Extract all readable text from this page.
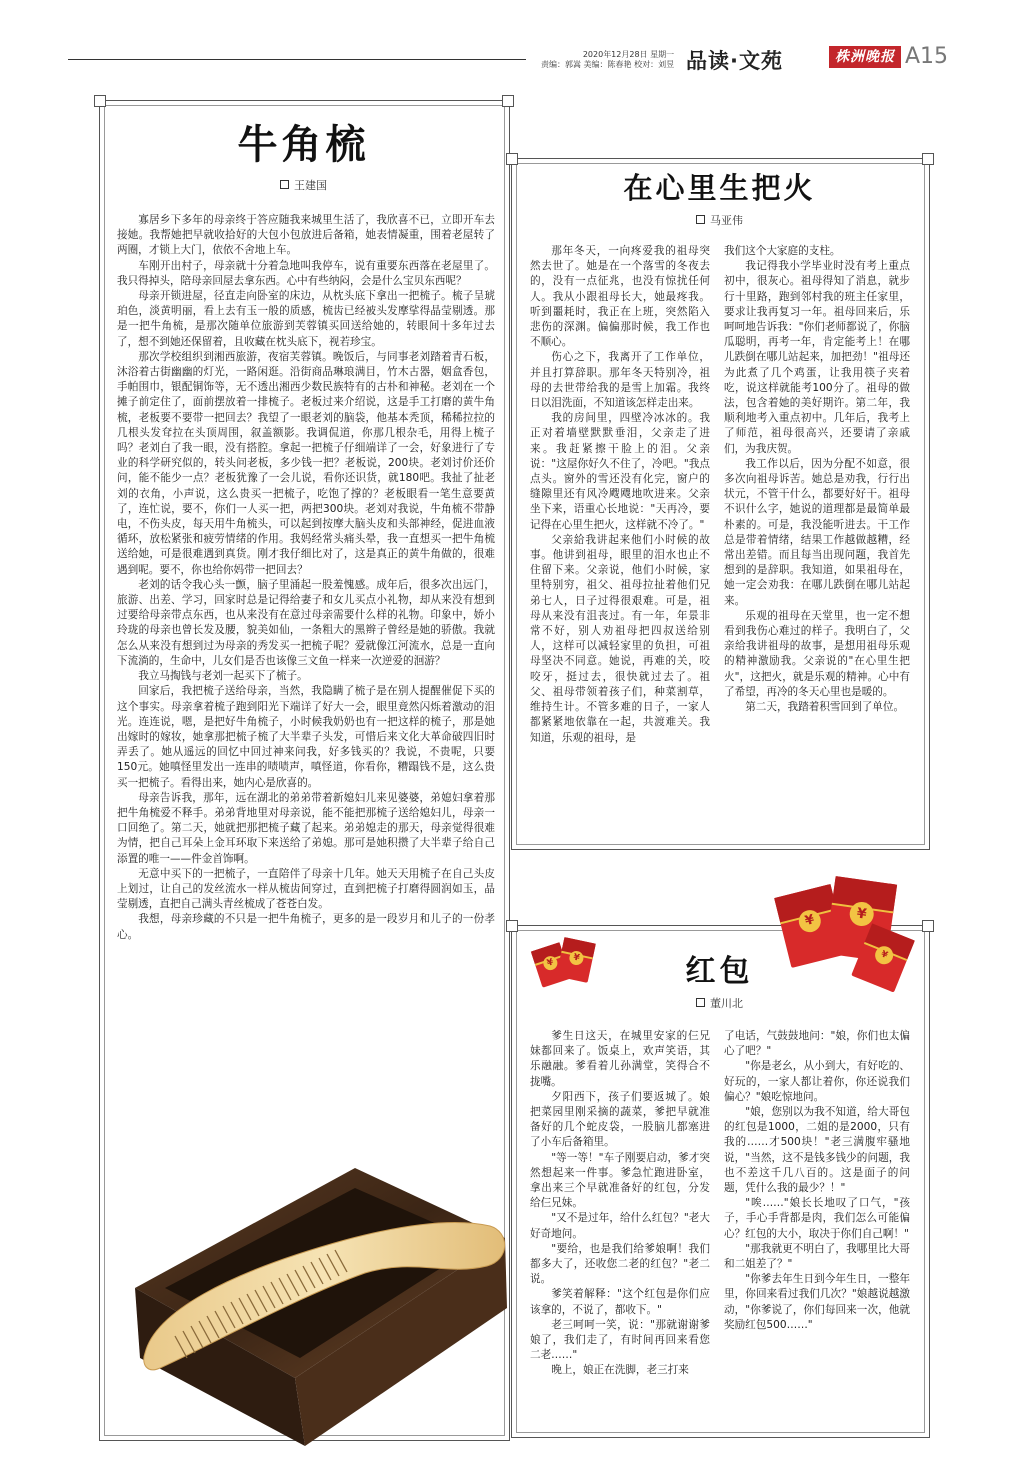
2020年12月28日 星期一
责编：郭嵩 美编：陈春艳 校对：刘昱 品读·文苑	株洲晚报 A15
牛角梳
王建国

寡居乡下多年的母亲终于答应随我来城里生活了，我欣喜不已，立即开车去接她。我帮她把早就收拾好的大包小包放进后备箱，她表情凝重，围着老屋转了两圈，才锁上大门，依依不舍地上车。

车刚开出村子，母亲就十分着急地叫我停车，说有重要东西落在老屋里了。我只得掉头，陪母亲回屋去拿东西。心中有些纳闷，会是什么宝贝东西呢？

母亲开锁进屋，径直走向卧室的床边，从枕头底下拿出一把梳子。梳子呈琥珀色，淡黄明丽，看上去有玉一般的质感，梳齿已经被头发摩挲得晶莹剔透。那是一把牛角梳，是那次随单位旅游到芙蓉镇买回送给她的，转眼间十多年过去了，想不到她还保留着，且收藏在枕头底下，视若珍宝。

那次学校组织到湘西旅游，夜宿芙蓉镇。晚饭后，与同事老刘踏着青石板，沐浴着古街幽幽的灯光，一路闲逛。沿街商品琳琅满目，竹木古器，姻盒香包，手帕围巾，银配铜饰等，无不透出湘西少数民族特有的古朴和神秘。老刘在一个摊子前定住了，面前摆放着一排梳子。老板过来介绍说，这是手工打磨的黄牛角梳，老板要不要带一把回去？我望了一眼老刘的脑袋，他基本秃顶，稀稀拉拉的几根头发耷拉在头顶周围，叙盖额影。我调侃道，你那几根杂毛，用得上梳子吗？老刘白了我一眼，没有搭腔。拿起一把梳子仔细端详了一会，好象进行了专业的科学研究似的，转头问老板，多少钱一把？老板说，200块。老刘讨价还价问，能不能少一点？老板犹豫了一会儿说，看你还识货，就180吧。我扯了扯老刘的衣角，小声说，这么贵买一把梳子，吃饱了撑的？老板眼看一笔生意要黄了，连忙说，要不，你们一人买一把，两把300块。老刘对我说，牛角梳不带静电，不伤头皮，每天用牛角梳头，可以起到按摩大脑头皮和头部神经，促进血液循环，放松紧张和疲劳情绪的作用。我妈经常头痛头晕，我一直想买一把牛角梳送给她，可是很难遇到真货。刚才我仔细比对了，这是真正的黄牛角做的，很难遇到呢。要不，你也给你妈带一把回去？

老刘的话令我心头一颤，脑子里涌起一股羞愧感。成年后，很多次出远门，旅游、出差、学习，回家时总是记得给妻子和女儿买点小礼物，却从来没有想到过要给母亲带点东西，也从来没有在意过母亲需要什么样的礼物。印象中，娇小玲珑的母亲也曾长发及腰，貌美如仙，一条粗大的黑辫子曾经是她的骄傲。我就怎么从来没有想到过为母亲的秀发买一把梳子呢？爱就像江河流水，总是一直向下流淌的，生命中，儿女们是否也该像三文鱼一样来一次逆爱的洄游？

我立马掏钱与老刘一起买下了梳子。

回家后，我把梳子送给母亲，当然，我隐瞒了梳子是在别人提醒催促下买的这个事实。母亲拿着梳子跑到阳光下端详了好大一会，眼里竟然闪烁着激动的泪光。连连说，嗯，是把好牛角梳子，小时候我奶奶也有一把这样的梳子，那是她出嫁时的嫁妆，她拿那把梳子梳了大半辈子头发，可惜后来文化大革命破四旧时弄丢了。她从遥远的回忆中回过神来问我，好多钱买的？我说，不贵呢，只要150元。她嗔怪里发出一连串的啧啧声，嗔怪道，你看你，糟蹋钱不是，这么贵买一把梳子。看得出来，她内心是欣喜的。

母亲告诉我，那年，远在湖北的弟弟带着新媳妇儿来见婆婆，弟媳妇拿着那把牛角梳爱不释手。弟弟背地里对母亲说，能不能把那梳子送给媳妇儿，母亲一口回绝了。第二天，她就把那把梳子藏了起来。弟弟媳走的那天，母亲觉得很难为情，把自己耳朵上金耳环取下来送给了弟媳。那可是她积攒了大半辈子给自己添置的唯一——件金首饰啊。

无意中买下的一把梳子，一直陪伴了母亲十几年。她天天用梳子在自己头皮上划过，让自己的发丝流水一样从梳齿间穿过，直到把梳子打磨得圆润如玉，晶莹剔透，直把自己满头青丝梳成了苍苍白发。

我想，母亲珍藏的不只是一把牛角梳子，更多的是一段岁月和儿子的一份孝心。

在心里生把火
马亚伟

那年冬天，一向疼爱我的祖母突然去世了。她是在一个落雪的冬夜去的，没有一点征兆，也没有惊扰任何人。我从小跟祖母长大，她最疼我。听到噩耗时，我正在上班，突然陷入悲伤的深渊。偏偏那时候，我工作也不顺心。

伤心之下，我离开了工作单位，并且打算辞职。那年冬天特别冷，祖母的去世带给我的是雪上加霜。我终日以泪洗面，不知道该怎样走出来。

我的房间里，四壁冷冰冰的。我正对着墙壁默默垂泪，父亲走了进来。我赶紧擦干脸上的泪。父亲说："这屋你好久不住了，冷吧。"我点点头。窗外的雪还没有化完，窗户的缝隙里还有风冷飕飕地吹进来。父亲坐下来，语重心长地说："天再冷，要记得在心里生把火，这样就不冷了。"

父亲給我讲起来他们小时候的故事。他讲到祖母，眼里的泪水也止不住留下来。父亲说，他们小时候，家里特别穷，祖父、祖母拉扯着他们兄弟七人，日子过得很艰难。可是，祖母从来没有沮丧过。有一年，年景非常不好，别人劝祖母把四叔送给别人，这样可以减轻家里的负担，可祖母坚决不同意。她说，再难的关，咬咬牙，挺过去，很快就过去了。祖父、祖母带领着孩子们，种菜割草，维持生计。不管多难的日子，一家人都紧紧地依靠在一起，共渡难关。我知道，乐观的祖母，是

我们这个大家庭的支柱。

我记得我小学毕业时没有考上重点初中，很灰心。祖母得知了消息，就步行十里路，跑到邻村我的班主任家里，要求让我再复习一年。祖母回来后，乐呵呵地告诉我："你们老师都说了，你脑瓜聪明，再考一年，肯定能考上！在哪儿跌倒在哪儿站起来，加把劲！"祖母还为此煮了几个鸡蛋，让我用筷子夹着吃，说这样就能考100分了。祖母的做法，包含着她的美好期许。第二年，我顺利地考入重点初中。几年后，我考上了师范，祖母很高兴，还要请了亲戚们，为我庆贺。

我工作以后，因为分配不如意，很多次向祖母诉苦。她总是劝我，行行出状元，不管干什么，都要好好干。祖母不识什么字，她说的道理都是最简单最朴素的。可是，我没能听进去。干工作总是带着情绪，结果工作越做越糟，经常出差错。而且每当出现问题，我首先想到的是辞职。我知道，如果祖母在，她一定会劝我：在哪儿跌倒在哪儿站起来。

乐观的祖母在天堂里，也一定不想看到我伤心难过的样子。我明白了，父亲给我讲祖母的故事，是想用祖母乐观的精神激励我。父亲说的"在心里生把火"，这把火，就是乐观的精神。心中有了希望，再冷的冬天心里也是暖的。

第二天，我踏着积雪回到了单位。

¥	¥
¥	¥
¥
红包
董川北

爹生日这天，在城里安家的仨兄妹都回来了。饭桌上，欢声笑语，其乐融融。爹看着儿孙满堂，笑得合不拢嘴。

夕阳西下，孩子们要返城了。娘把菜园里刚采摘的蔬菜，爹把早就准备好的几个蛇皮袋，一股脑儿都塞进了小车后备箱里。

"等一等！"车子刚要启动，爹才突然想起来一件事。爹急忙跑进卧室，拿出来三个早就准备好的红包，分发给仨兄妹。

"又不是过年，给什么红包？"老大好奇地问。

"要给，也是我们给爹娘啊！我们都多大了，还收您二老的红包？"老二说。

爹笑着解释："这个红包是你们应该拿的，不说了，都收下。"

老三呵呵一笑，说："那就谢谢爹娘了，我们走了，有时间再回来看您二老……"

晚上，娘正在洗脚，老三打来

了电话，气鼓鼓地问："娘，你们也太偏心了吧？"

"你是老幺，从小到大，有好吃的、好玩的，一家人都让着你，你还说我们偏心？"娘吃惊地问。

"娘，您别以为我不知道，给大哥包的红包是1000，二姐的是2000，只有我的……才500块！"老三满腹牢骚地说，"当然，这不是钱多钱少的问题，我也不差这千几八百的。这是面子的问题，凭什么我的最少？！"

"唉……"娘长长地叹了口气，"孩子，手心手背都是肉，我们怎么可能偏心？红包的大小，取决于你们自己啊！"

"那我就更不明白了，我哪里比大哥和二姐差了？"

"你爹去年生日到今年生日，一整年里，你回来看过我们几次？"娘越说越激动，"你爹说了，你们每回来一次，他就奖励红包500……"
